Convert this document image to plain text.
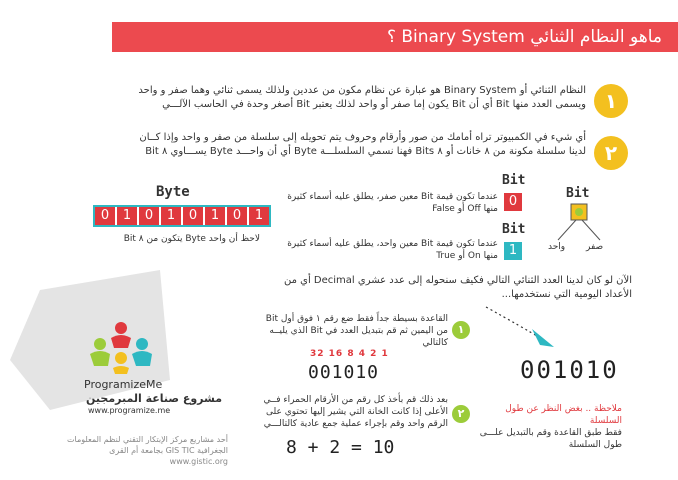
ماهو النظام الثنائي Binary System ؟
١
النظام الثنائي أو Binary System هو عبارة عن نظام مكون من عددين ولذلك يسمى ثنائي وهما صفر و واحد
ويسمى العدد منها Bit أي أن Bit يكون إما صفر أو واحد لذلك يعتبر Bit أصغر وحدة في الحاسب الآلـــي
٢
أي شيء في الكمبيوتر تراه أمامك من صور وأرقام وحروف يتم تحويله إلى سلسلة من صفر و واحد وإذا كــان
لدينا سلسلة مكونة من ٨ خانات أو ٨ Bits فهنا نسمي السلسلـــة Byte أي أن واحـــد Byte يســـاوي ٨ Bit
Byte
0	1	0	1	0	1	0	1
لاحظ أن واحد Byte يتكون من ٨ Bit
Bit
0
عندما تكون قيمة Bit معين صفر، يطلق عليه أسماء كثيرة
منها Off أو False
Bit
1
عندما تكون قيمة Bit معين واحد، يطلق عليه أسماء كثيرة
منها On أو True
Bit
واحد صفر
الآن لو كان لدينا العدد الثنائي التالي فكيف سنحوله إلى عدد عشري Decimal أي من
الأعداد اليومية التي نستخدمها...
١
القاعدة بسيطة جداً فقط ضع رقم ١ فوق أول Bit
من اليمين ثم قم بتبديل العدد في Bit الذي يليــه
كالتالي
32 16 8 4 2 1
001010	001010
٢
بعد ذلك قم بأخذ كل رقم من الأرقام الحمراء فــي
الأعلى إذا كانت الخانة التي يشير إليها تحتوي على
الرقم واحد وقم بإجراء عملية جمع عادية كالتالـــي
8 + 2 = 10
ملاحظة .. بغض النظر عن طول السلسلة
فقط طبق القاعدة وقم بالتبديل علـــى
طول السلسلة
ProgramizeMe
مشروع صناعة المبرمجين
www.programize.me
أحد مشاريع مركز الإبتكار التقني لنظم المعلومات
الجغرافية GIS TIC بجامعة أم القرى
www.gistic.org
